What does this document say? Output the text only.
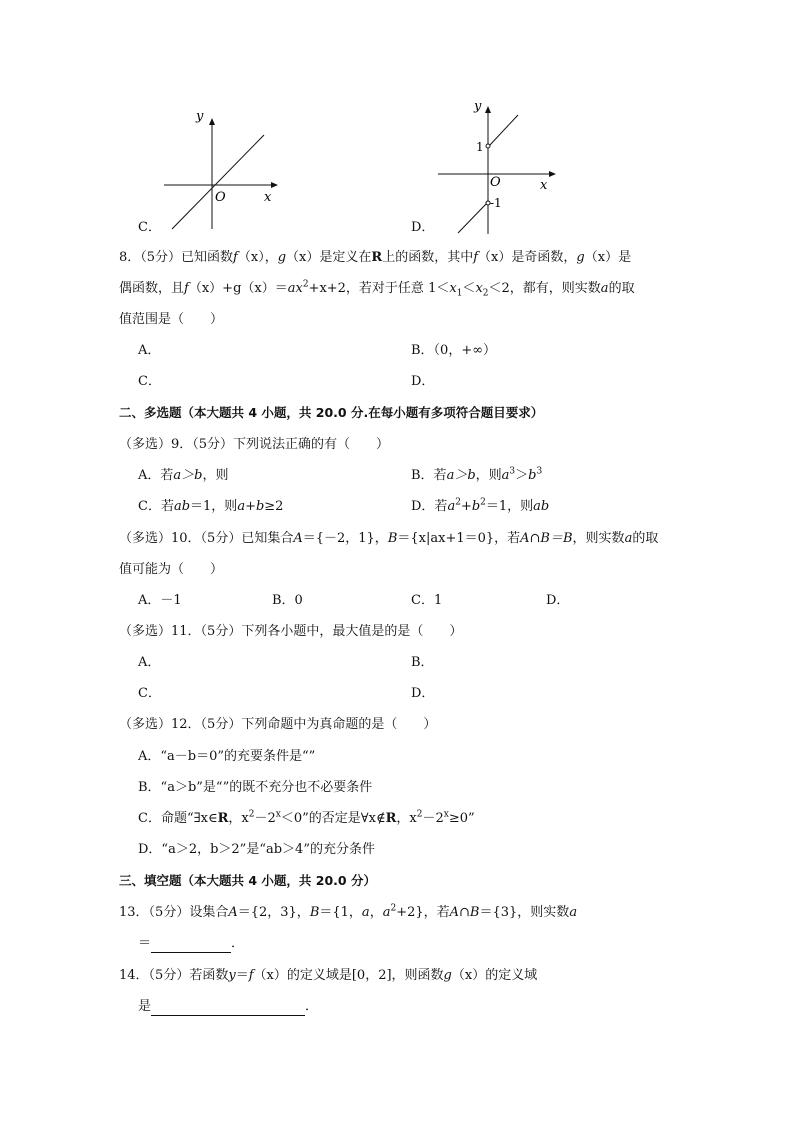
y
x
O
C．
y
x
O
1
-1
D．
8．（5分）已知函数f（x），g（x）是定义在R上的函数，其中f（x）是奇函数，g（x）是
偶函数，且$f(x)+g(x)=ax^2+x+2$，若对于任意 $1<x_1<x_2<2$，都有，则实数a的取
值范围是（　　）
A．	B．（0，+∞）
C．	D．
二、多选题（本大题共 4 小题，共 20.0 分.在每小题有多项符合题目要求）
（多选）9．（5分）下列说法正确的有（　　）
A．若a＞b，则	B．若a＞b，则$a^3>b^3$
C．若ab＝1，则a+b≥2	D．若$a^2+b^2=1$，则ab
（多选）10．（5分）已知集合A＝{－2，1}，B＝{x|ax+1＝0}，若A∩B＝B，则实数a的取
值可能为（　　）
A．－1	B．0	C．1	D．
（多选）11．（5分）下列各小题中，最大值是的是（　　）
A．	B．
C．	D．
（多选）12．（5分）下列命题中为真命题的是（　　）
A．“a－b＝0”的充要条件是“”
B．“a＞b”是“”的既不充分也不必要条件
C．命题“∃x∈R，$x^2-2^x<0$”的否定是∀x∉R，$x^2-2^x\ge 0$”
D．“a＞2，b＞2”是“ab＞4”的充分条件
三、填空题（本大题共 4 小题，共 20.0 分）
13．（5分）设集合A＝{2，3}，B＝{1，a，$a^2+2$}，若A∩B＝{3}，则实数a
＝	．
14．（5分）若函数y＝f（x）的定义域是[0，2]，则函数g（x）的定义域
是	．
